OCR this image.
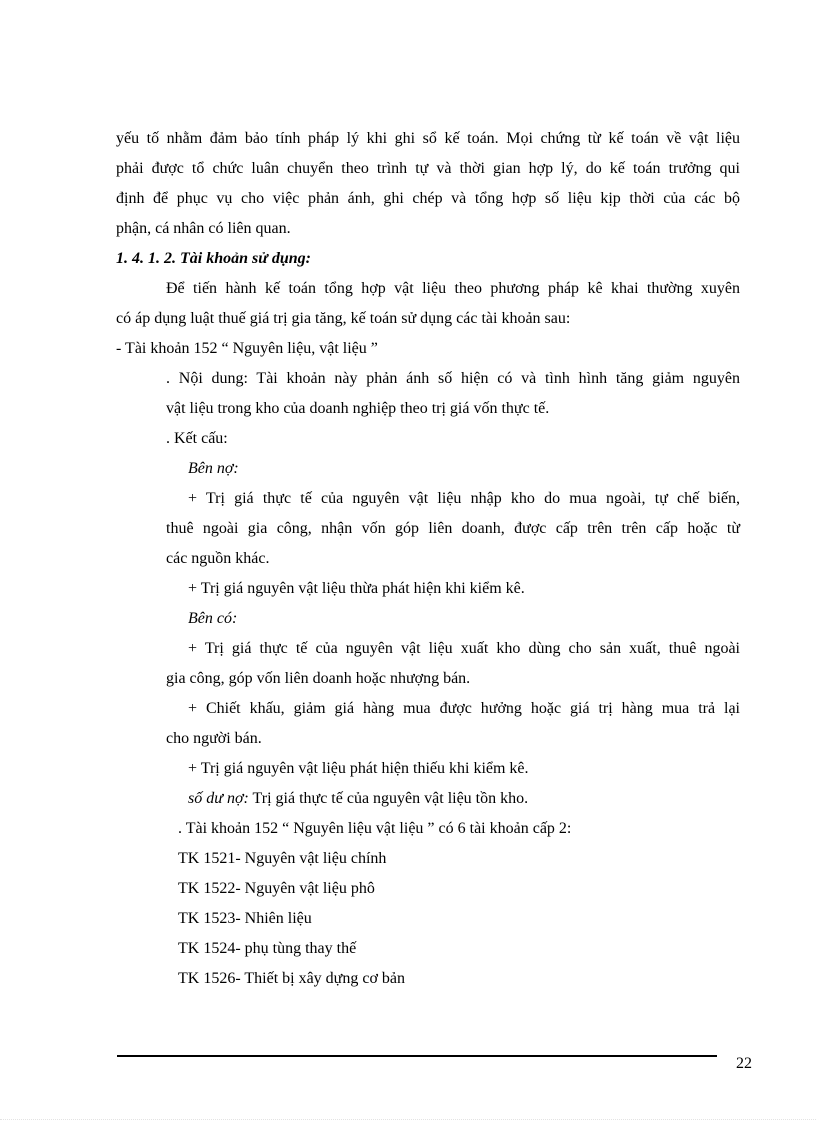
yếu tố nhằm đảm bảo tính pháp lý khi ghi sổ kế toán. Mọi chứng từ kế toán về vật liệu
phải được tổ chức luân chuyển theo trình tự và thời gian hợp lý, do kế toán trưởng qui
định để phục vụ cho việc phản ánh, ghi chép và tổng hợp số liệu kịp thời của các bộ
phận, cá nhân có liên quan.
1. 4. 1. 2. Tài khoản sử dụng:
Để tiến hành kế toán tổng hợp vật liệu theo phương pháp kê khai thường xuyên
có áp dụng luật thuế giá trị gia tăng, kế toán sử dụng các tài khoản sau:
- Tài khoản 152 “ Nguyên liệu, vật liệu ”
. Nội dung: Tài khoản này phản ánh số hiện có và tình hình tăng giảm nguyên
vật liệu trong kho của doanh nghiệp theo trị giá vốn thực tế.
. Kết cấu:
Bên nợ:
+ Trị giá thực tế của nguyên vật liệu nhập kho do mua ngoài, tự chế biến,
thuê ngoài gia công, nhận vốn góp liên doanh, được cấp trên trên cấp hoặc từ
các nguồn khác.
+ Trị giá nguyên vật liệu thừa phát hiện khi kiểm kê.
Bên có:
+ Trị giá thực tế của nguyên vật liệu xuất kho dùng cho sản xuất, thuê ngoài
gia công, góp vốn liên doanh hoặc nhượng bán.
+ Chiết khấu, giảm giá hàng mua được hưởng hoặc giá trị hàng mua trả lại
cho người bán.
+ Trị giá nguyên vật liệu phát hiện thiếu khi kiểm kê.
số dư nợ: Trị giá thực tế của nguyên vật liệu tồn kho.
. Tài khoản 152 “ Nguyên liệu vật liệu ” có 6 tài khoản cấp 2:
TK 1521- Nguyên vật liệu chính
TK 1522- Nguyên vật liệu phô
TK 1523- Nhiên liệu
TK 1524- phụ tùng thay thế
TK 1526- Thiết bị xây dựng cơ bản
22
